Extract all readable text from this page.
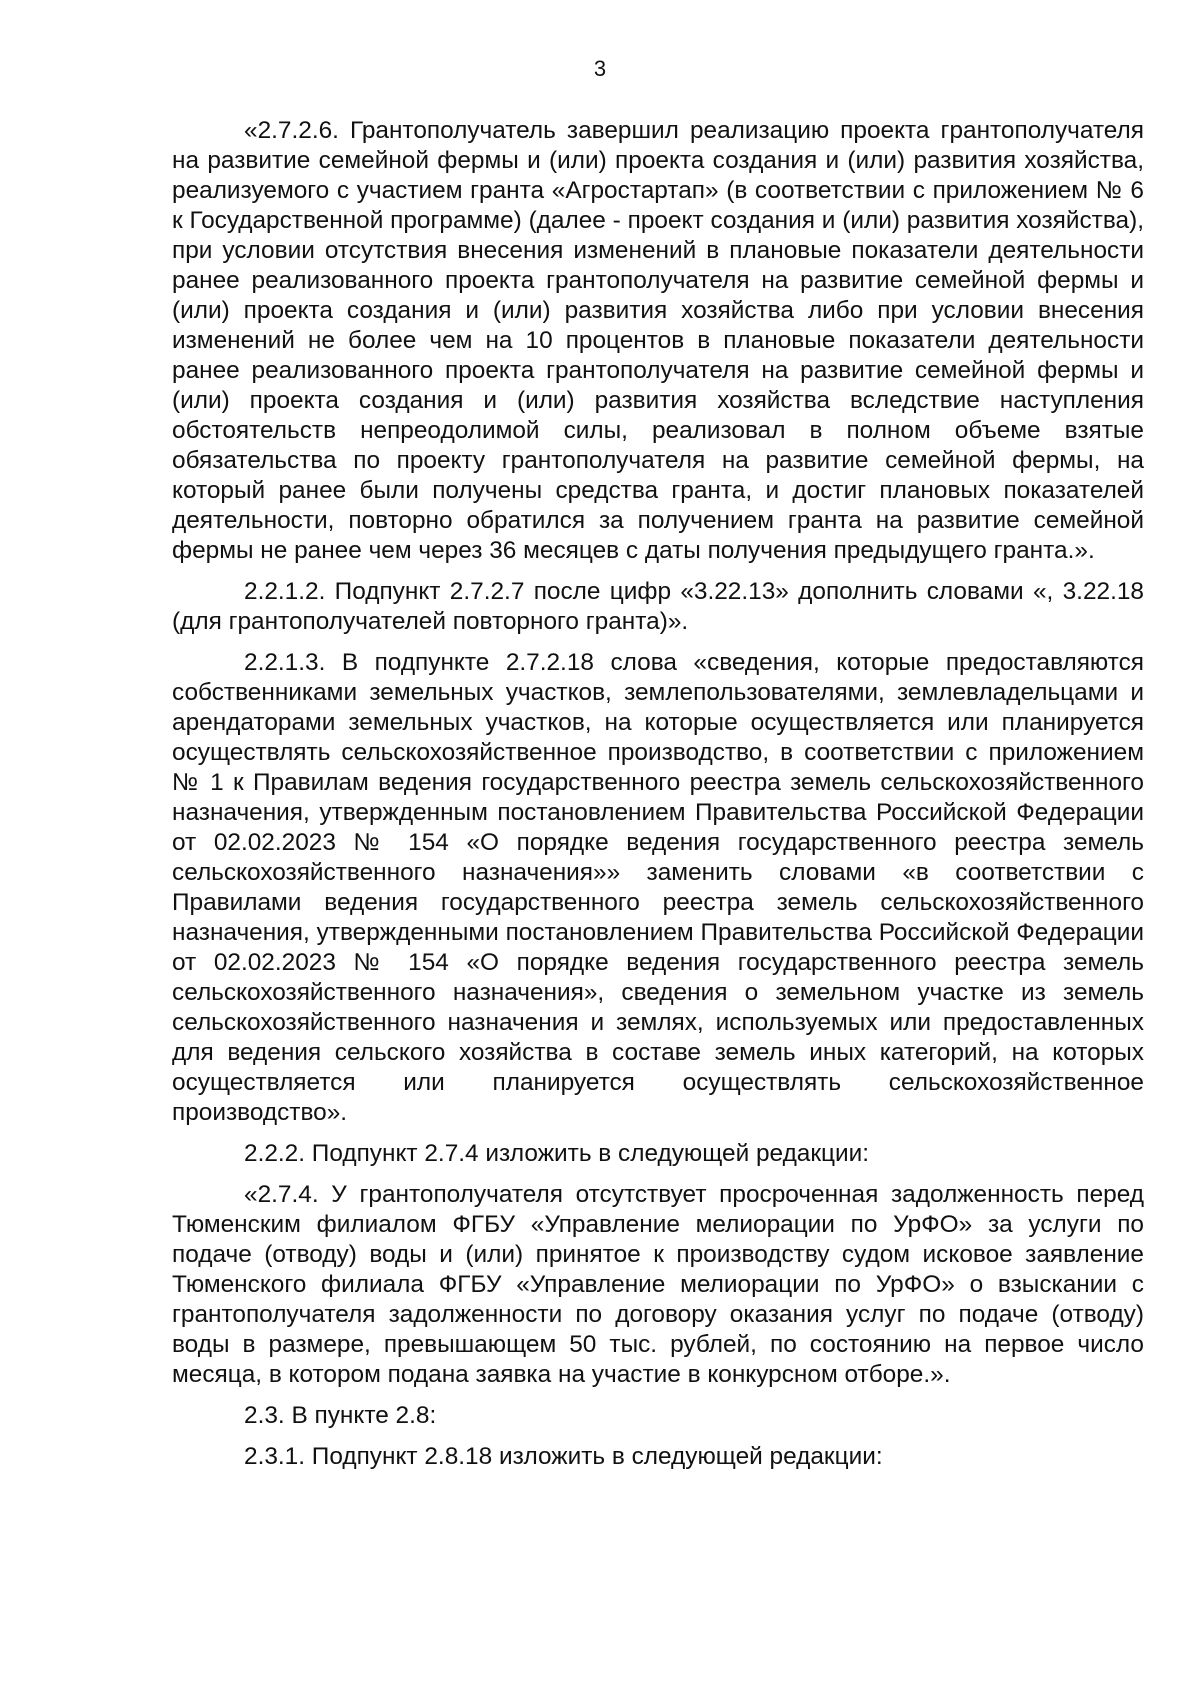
3

«2.7.2.6. Грантополучатель завершил реализацию проекта грантополучателя на развитие семейной фермы и (или) проекта создания и (или) развития хозяйства, реализуемого с участием гранта «Агростартап» (в соответствии с приложением № 6 к Государственной программе) (далее - проект создания и (или) развития хозяйства), при условии отсутствия внесения изменений в плановые показатели деятельности ранее реализованного проекта грантополучателя на развитие семейной фермы и (или) проекта создания и (или) развития хозяйства либо при условии внесения изменений не более чем на 10 процентов в плановые показатели деятельности ранее реализованного проекта грантополучателя на развитие семейной фермы и (или) проекта создания и (или) развития хозяйства вследствие наступления обстоятельств непреодолимой силы, реализовал в полном объеме взятые обязательства по проекту грантополучателя на развитие семейной фермы, на который ранее были получены средства гранта, и достиг плановых показателей деятельности, повторно обратился за получением гранта на развитие семейной фермы не ранее чем через 36 месяцев с даты получения предыдущего гранта.».

2.2.1.2. Подпункт 2.7.2.7 после цифр «3.22.13» дополнить словами «, 3.22.18 (для грантополучателей повторного гранта)».

2.2.1.3. В подпункте 2.7.2.18 слова «сведения, которые предоставляются собственниками земельных участков, землепользователями, землевладельцами и арендаторами земельных участков, на которые осуществляется или планируется осуществлять сельскохозяйственное производство, в соответствии с приложением № 1 к Правилам ведения государственного реестра земель сельскохозяйственного назначения, утвержденным постановлением Правительства Российской Федерации от 02.02.2023 № 154 «О порядке ведения государственного реестра земель сельскохозяйственного назначения»» заменить словами «в соответствии с Правилами ведения государственного реестра земель сельскохозяйственного назначения, утвержденными постановлением Правительства Российской Федерации от 02.02.2023 № 154 «О порядке ведения государственного реестра земель сельскохозяйственного назначения», сведения о земельном участке из земель сельскохозяйственного назначения и землях, используемых или предоставленных для ведения сельского хозяйства в составе земель иных категорий, на которых осуществляется или планируется осуществлять сельскохозяйственное производство».

2.2.2. Подпункт 2.7.4 изложить в следующей редакции:

«2.7.4. У грантополучателя отсутствует просроченная задолженность перед Тюменским филиалом ФГБУ «Управление мелиорации по УрФО» за услуги по подаче (отводу) воды и (или) принятое к производству судом исковое заявление Тюменского филиала ФГБУ «Управление мелиорации по УрФО» о взыскании с грантополучателя задолженности по договору оказания услуг по подаче (отводу) воды в размере, превышающем 50 тыс. рублей, по состоянию на первое число месяца, в котором подана заявка на участие в конкурсном отборе.».

2.3. В пункте 2.8:

2.3.1. Подпункт 2.8.18 изложить в следующей редакции:
